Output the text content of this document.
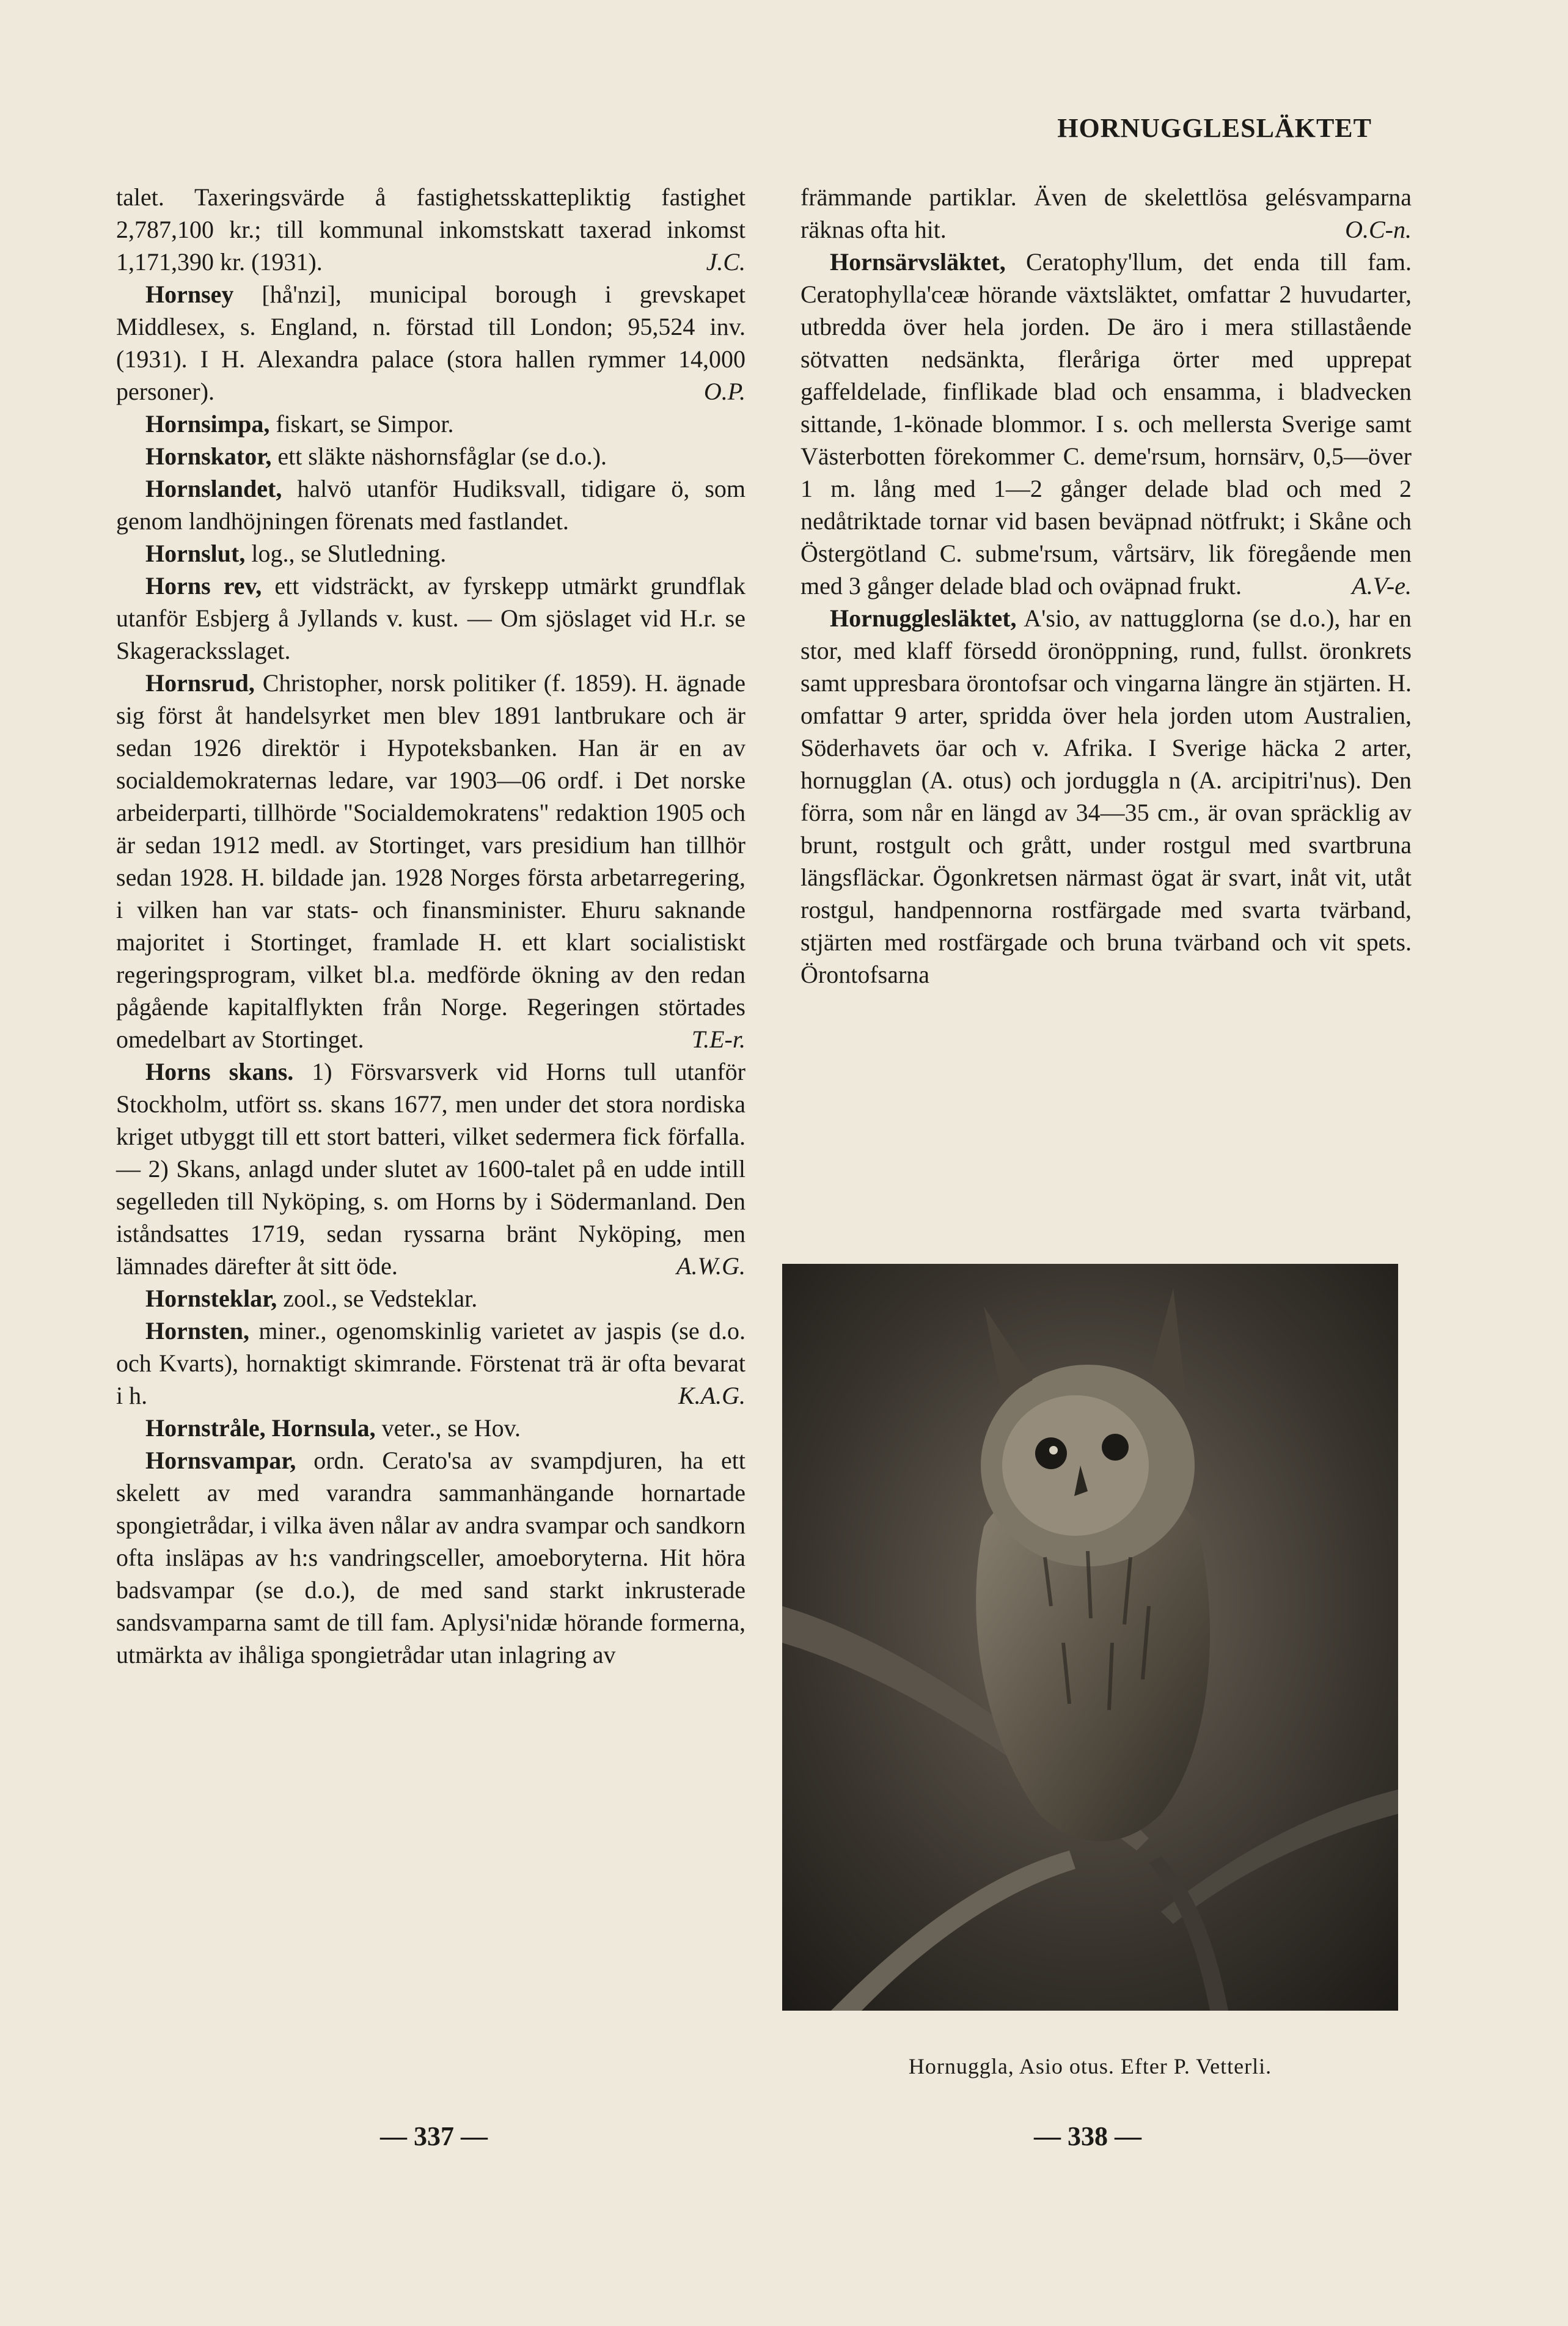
HORNUGGLESLÄKTET

talet. Taxeringsvärde å fastighetsskattepliktig fastighet 2,787,100 kr.; till kommunal inkomstskatt taxerad inkomst 1,171,390 kr. (1931).	J.C.

Hornsey [hå'nzi], municipal borough i grevskapet Middlesex, s. England, n. förstad till London; 95,524 inv. (1931). I H. Alexandra palace (stora hallen rymmer 14,000 personer).	O.P.

Hornsimpa, fiskart, se Simpor.

Hornskator, ett släkte näshornsfåglar (se d.o.).

Hornslandet, halvö utanför Hudiksvall, tidigare ö, som genom landhöjningen förenats med fastlandet.

Hornslut, log., se Slutledning.

Horns rev, ett vidsträckt, av fyrskepp utmärkt grundflak utanför Esbjerg å Jyllands v. kust. — Om sjöslaget vid H.r. se Skageracksslaget.

Hornsrud, Christopher, norsk politiker (f. 1859). H. ägnade sig först åt handelsyrket men blev 1891 lantbrukare och är sedan 1926 direktör i Hypoteksbanken. Han är en av socialdemokraternas ledare, var 1903—06 ordf. i Det norske arbeiderparti, tillhörde "Socialdemokratens" redaktion 1905 och är sedan 1912 medl. av Stortinget, vars presidium han tillhör sedan 1928. H. bildade jan. 1928 Norges första arbetarregering, i vilken han var stats- och finansminister. Ehuru saknande majoritet i Stortinget, framlade H. ett klart socialistiskt regeringsprogram, vilket bl.a. medförde ökning av den redan pågående kapitalflykten från Norge. Regeringen störtades omedelbart av Stortinget.	T.E-r.

Horns skans. 1) Försvarsverk vid Horns tull utanför Stockholm, utfört ss. skans 1677, men under det stora nordiska kriget utbyggt till ett stort batteri, vilket sedermera fick förfalla. — 2) Skans, anlagd under slutet av 1600-talet på en udde intill segelleden till Nyköping, s. om Horns by i Södermanland. Den iståndsattes 1719, sedan ryssarna bränt Nyköping, men lämnades därefter åt sitt öde.	A.W.G.

Hornsteklar, zool., se Vedsteklar.

Hornsten, miner., ogenomskinlig varietet av jaspis (se d.o. och Kvarts), hornaktigt skimrande. Förstenat trä är ofta bevarat i h.	K.A.G.

Hornstråle, Hornsula, veter., se Hov.

Hornsvampar, ordn. Cerato'sa av svampdjuren, ha ett skelett av med varandra sammanhängande hornartade spongietrådar, i vilka även nålar av andra svampar och sandkorn ofta insläpas av h:s vandringsceller, amoeboryterna. Hit höra badsvampar (se d.o.), de med sand starkt inkrusterade sandsvamparna samt de till fam. Aplysi'nidæ hörande formerna, utmärkta av ihåliga spongietrådar utan inlagring av

främmande partiklar. Även de skelettlösa gelésvamparna räknas ofta hit.	O.C-n.

Hornsärvsläktet, Ceratophy'llum, det enda till fam. Ceratophylla'ceæ hörande växtsläktet, omfattar 2 huvudarter, utbredda över hela jorden. De äro i mera stillastående sötvatten nedsänkta, fleråriga örter med upprepat gaffeldelade, finflikade blad och ensamma, i bladvecken sittande, 1-könade blommor. I s. och mellersta Sverige samt Västerbotten förekommer C. deme'rsum, hornsärv, 0,5—över 1 m. lång med 1—2 gånger delade blad och med 2 nedåtriktade tornar vid basen beväpnad nötfrukt; i Skåne och Östergötland C. subme'rsum, vårtsärv, lik föregående men med 3 gånger delade blad och oväpnad frukt.	A.V-e.

Hornugglesläktet, A'sio, av nattugglorna (se d.o.), har en stor, med klaff försedd öronöppning, rund, fullst. öronkrets samt uppresbara örontofsar och vingarna längre än stjärten. H. omfattar 9 arter, spridda över hela jorden utom Australien, Söderhavets öar och v. Afrika. I Sverige häcka 2 arter, hornugglan (A. otus) och jorduggla n (A. arcipitri'nus). Den förra, som når en längd av 34—35 cm., är ovan spräcklig av brunt, rostgult och grått, under rostgul med svartbruna längsfläckar. Ögonkretsen närmast ögat är svart, inåt vit, utåt rostgul, handpennorna rostfärgade med svarta tvärband, stjärten med rostfärgade och bruna tvärband och vit spets. Örontofsarna

Hornuggla, Asio otus. Efter P. Vetterli.
— 337 —	— 338 —
